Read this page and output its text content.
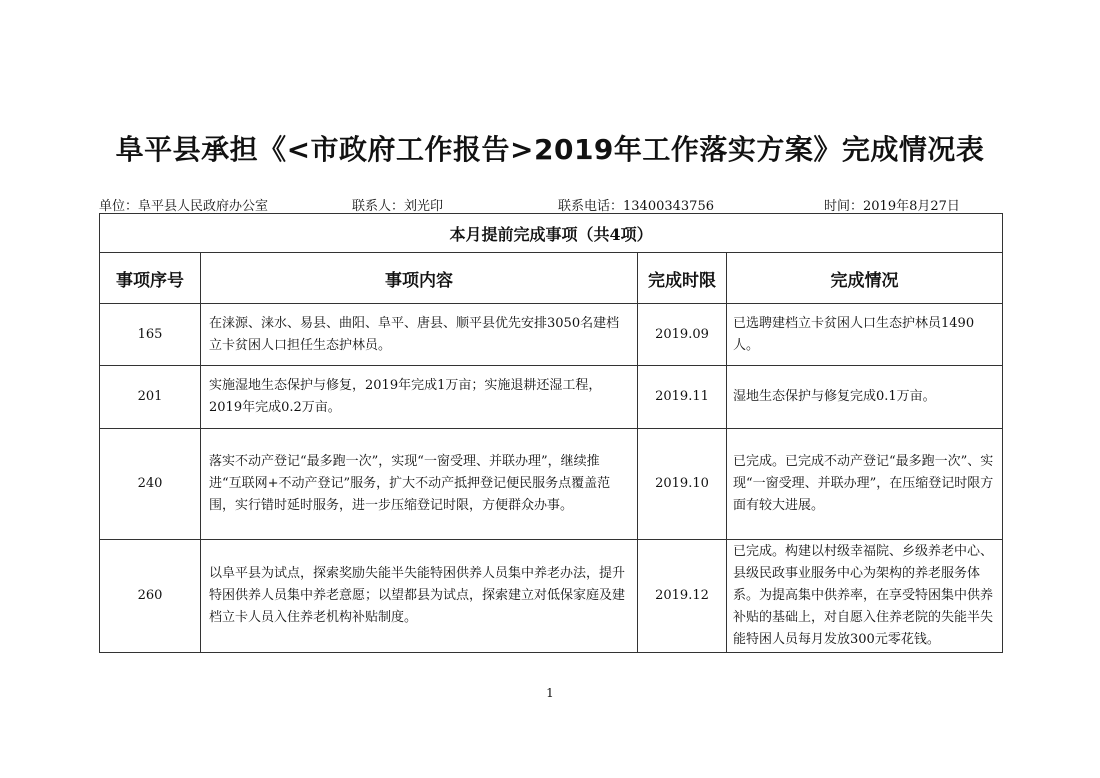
阜平县承担《<市政府工作报告>2019年工作落实方案》完成情况表
单位：阜平县人民政府办公室	联系人：刘光印	联系电话：13400343756	时间：2019年8月27日
本月提前完成事项（共4项）			
事项序号	事项内容	完成时限	完成情况
165	在涞源、涞水、易县、曲阳、阜平、唐县、顺平县优先安排3050名建档立卡贫困人口担任生态护林员。	2019.09	已选聘建档立卡贫困人口生态护林员1490人。
201	实施湿地生态保护与修复，2019年完成1万亩；实施退耕还湿工程，2019年完成0.2万亩。	2019.11	湿地生态保护与修复完成0.1万亩。
240	落实不动产登记“最多跑一次”，实现“一窗受理、并联办理”，继续推进“互联网+不动产登记”服务，扩大不动产抵押登记便民服务点覆盖范围，实行错时延时服务，进一步压缩登记时限，方便群众办事。	2019.10	已完成。已完成不动产登记“最多跑一次”、实现“一窗受理、并联办理”，在压缩登记时限方面有较大进展。
260	以阜平县为试点，探索奖励失能半失能特困供养人员集中养老办法，提升特困供养人员集中养老意愿；以望都县为试点，探索建立对低保家庭及建档立卡人员入住养老机构补贴制度。	2019.12	已完成。构建以村级幸福院、乡级养老中心、县级民政事业服务中心为架构的养老服务体系。为提高集中供养率，在享受特困集中供养补贴的基础上，对自愿入住养老院的失能半失能特困人员每月发放300元零花钱。
1
